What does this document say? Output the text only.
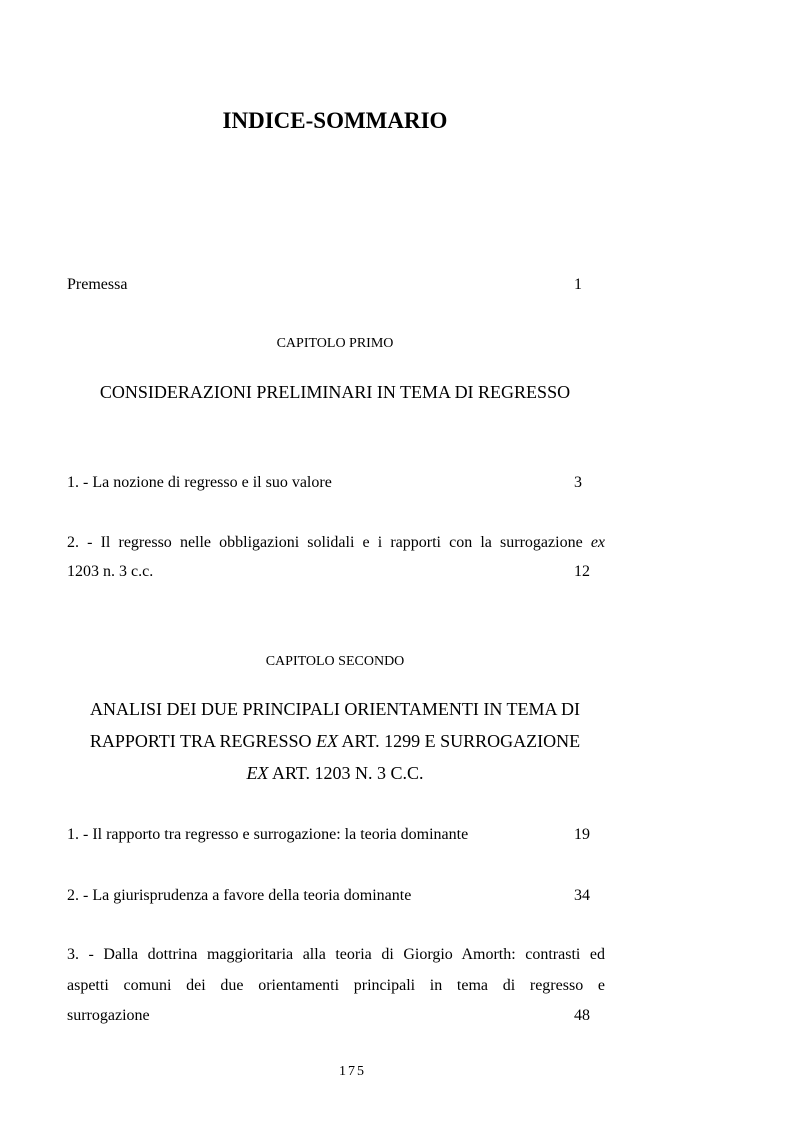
INDICE-SOMMARIO
Premessa	1
CAPITOLO PRIMO
CONSIDERAZIONI PRELIMINARI IN TEMA DI REGRESSO
1. - La nozione di regresso e il suo valore	3
2. - Il regresso nelle obbligazioni solidali e i rapporti con la surrogazione ex
1203 n. 3 c.c.	12
CAPITOLO SECONDO
ANALISI DEI DUE PRINCIPALI ORIENTAMENTI IN TEMA DI
RAPPORTI TRA REGRESSO EX ART. 1299 E SURROGAZIONE
EX ART. 1203 N. 3 C.C.
1. - Il rapporto tra regresso e surrogazione: la teoria dominante	19
2. - La giurisprudenza a favore della teoria dominante	34
3. - Dalla dottrina maggioritaria alla teoria di Giorgio Amorth: contrasti ed
aspetti comuni dei due orientamenti principali in tema di regresso e
surrogazione	48
175
